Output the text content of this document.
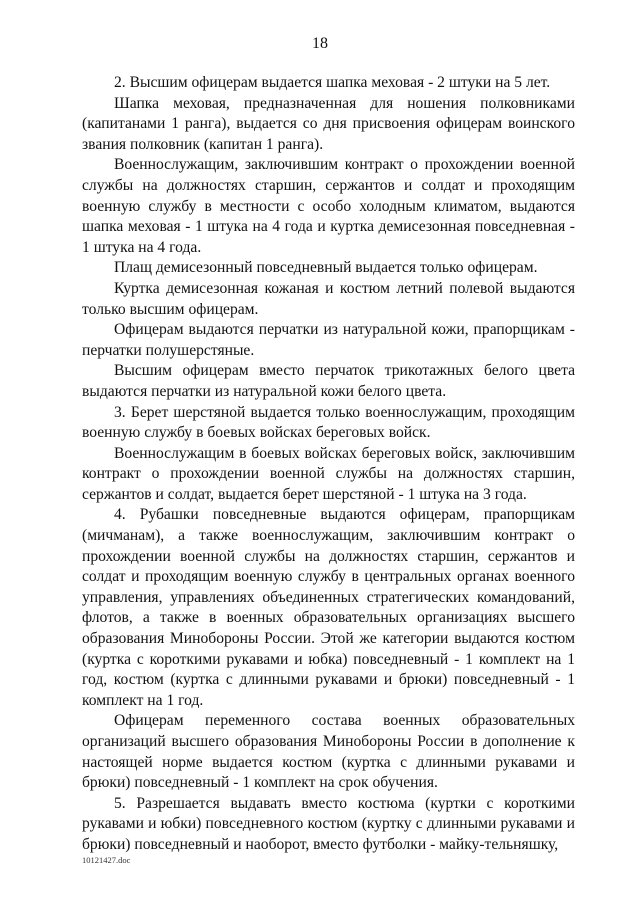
18

2. Высшим офицерам выдается шапка меховая - 2 штуки на 5 лет.

Шапка меховая, предназначенная для ношения полковниками (капитанами 1 ранга), выдается со дня присвоения офицерам воинского звания полковник (капитан 1 ранга).

Военнослужащим, заключившим контракт о прохождении военной службы на должностях старшин, сержантов и солдат и проходящим военную службу в местности с особо холодным климатом, выдаются шапка меховая - 1 штука на 4 года и куртка демисезонная повседневная - 1 штука на 4 года.

Плащ демисезонный повседневный выдается только офицерам.

Куртка демисезонная кожаная и костюм летний полевой выдаются только высшим офицерам.

Офицерам выдаются перчатки из натуральной кожи, прапорщикам - перчатки полушерстяные.

Высшим офицерам вместо перчаток трикотажных белого цвета выдаются перчатки из натуральной кожи белого цвета.

3. Берет шерстяной выдается только военнослужащим, проходящим военную службу в боевых войсках береговых войск.

Военнослужащим в боевых войсках береговых войск, заключившим контракт о прохождении военной службы на должностях старшин, сержантов и солдат, выдается берет шерстяной - 1 штука на 3 года.

4. Рубашки повседневные выдаются офицерам, прапорщикам (мичманам), а также военнослужащим, заключившим контракт о прохождении военной службы на должностях старшин, сержантов и солдат и проходящим военную службу в центральных органах военного управления, управлениях объединенных стратегических командований, флотов, а также в военных образовательных организациях высшего образования Минобороны России. Этой же категории выдаются костюм (куртка с короткими рукавами и юбка) повседневный - 1 комплект на 1 год, костюм (куртка с длинными рукавами и брюки) повседневный - 1 комплект на 1 год.

Офицерам переменного состава военных образовательных организаций высшего образования Минобороны России в дополнение к настоящей норме выдается костюм (куртка с длинными рукавами и брюки) повседневный - 1 комплект на срок обучения.

5. Разрешается выдавать вместо костюма (куртки с короткими рукавами и юбки) повседневного костюм (куртку с длинными рукавами и брюки) повседневный и наоборот, вместо футболки - майку-тельняшку,

10121427.doc
